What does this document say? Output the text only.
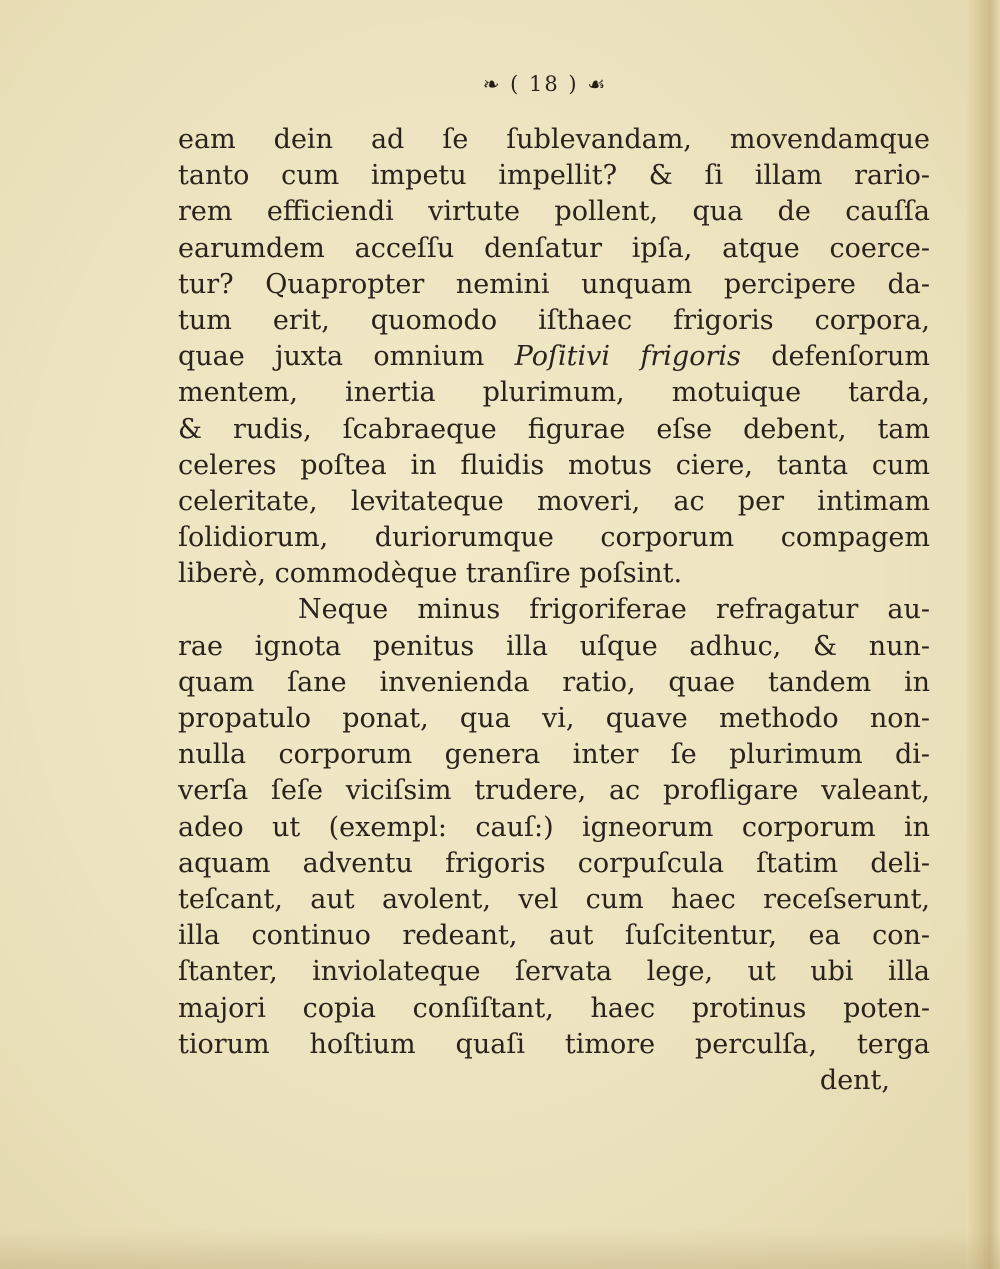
❧ ( 18 ) ☙
eam dein ad ſe ſublevandam, movendamque
tanto cum impetu impellit? & ſi illam rario-
rem efficiendi virtute pollent, qua de cauſſa
earumdem acceſſu denſatur ipſa, atque coerce-
tur? Quapropter nemini unquam percipere da-
tum erit, quomodo iſthaec frigoris corpora,
quae juxta omnium Poſitivi frigoris defenſorum
mentem, inertia plurimum, motuique tarda,
& rudis, ſcabraeque figurae eſse debent, tam
celeres poſtea in fluidis motus ciere, tanta cum
celeritate, levitateque moveri, ac per intimam
ſolidiorum, duriorumque corporum compagem
liberè, commodèque tranſire poſsint.
Neque minus frigoriferae refragatur au-
rae ignota penitus illa uſque adhuc, & nun-
quam ſane invenienda ratio, quae tandem in
propatulo ponat, qua vi, quave methodo non-
nulla corporum genera inter ſe plurimum di-
verſa ſeſe viciſsim trudere, ac profligare valeant,
adeo ut (exempl: cauſ:) igneorum corporum in
aquam adventu frigoris corpuſcula ſtatim deli-
teſcant, aut avolent, vel cum haec receſserunt,
illa continuo redeant, aut ſuſcitentur, ea con-
ſtanter, inviolateque ſervata lege, ut ubi illa
majori copia conſiſtant, haec protinus poten-
tiorum hoſtium quaſi timore perculſa, terga
dent,
